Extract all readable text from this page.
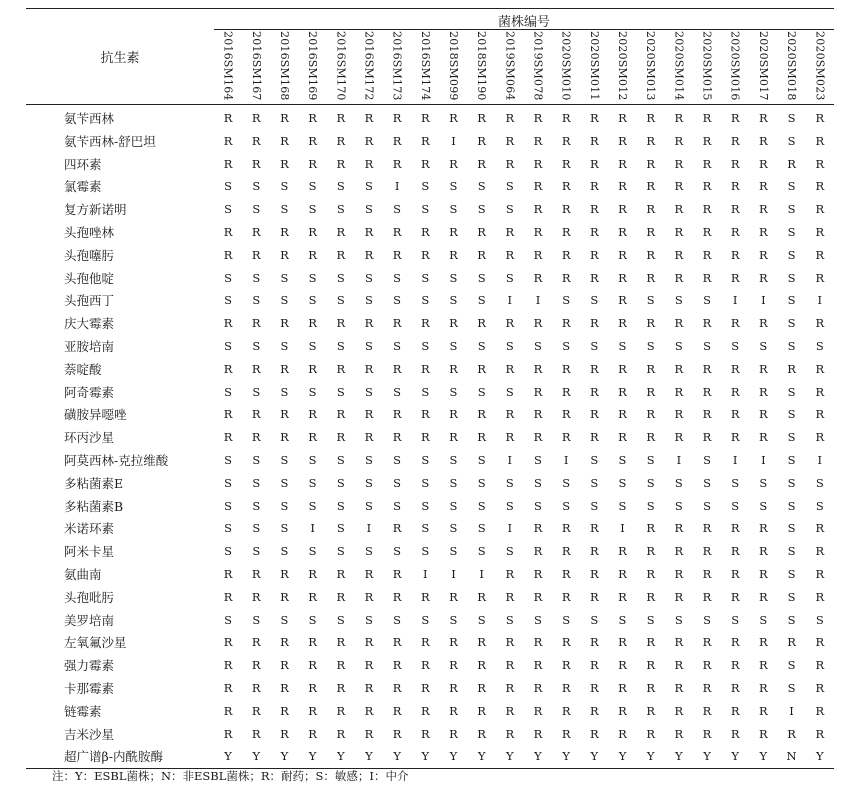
抗生素	菌株编号																					

	2016SM164	2016SM167	2016SM168	2016SM169	2016SM170	2016SM172	2016SM173	2016SM174	2018SM099	2018SM190	2019SM064	2019SM078	2020SM010	2020SM011	2020SM012	2020SM013	2020SM014	2020SM015	2020SM016	2020SM017	2020SM018	2020SM023
氨苄西林	R	R	R	R	R	R	R	R	R	R	R	R	R	R	R	R	R	R	R	R	S	R
氨苄西林-舒巴坦	R	R	R	R	R	R	R	R	I	R	R	R	R	R	R	R	R	R	R	R	S	R
四环素	R	R	R	R	R	R	R	R	R	R	R	R	R	R	R	R	R	R	R	R	R	R
氯霉素	S	S	S	S	S	S	I	S	S	S	S	R	R	R	R	R	R	R	R	R	S	R
复方新诺明	S	S	S	S	S	S	S	S	S	S	S	R	R	R	R	R	R	R	R	R	S	R
头孢唑林	R	R	R	R	R	R	R	R	R	R	R	R	R	R	R	R	R	R	R	R	S	R
头孢噻肟	R	R	R	R	R	R	R	R	R	R	R	R	R	R	R	R	R	R	R	R	S	R
头孢他啶	S	S	S	S	S	S	S	S	S	S	S	R	R	R	R	R	R	R	R	R	S	R
头孢西丁	S	S	S	S	S	S	S	S	S	S	I	I	S	S	R	S	S	S	I	I	S	I
庆大霉素	R	R	R	R	R	R	R	R	R	R	R	R	R	R	R	R	R	R	R	R	S	R
亚胺培南	S	S	S	S	S	S	S	S	S	S	S	S	S	S	S	S	S	S	S	S	S	S
萘啶酸	R	R	R	R	R	R	R	R	R	R	R	R	R	R	R	R	R	R	R	R	R	R
阿奇霉素	S	S	S	S	S	S	S	S	S	S	S	R	R	R	R	R	R	R	R	R	S	R
磺胺异噁唑	R	R	R	R	R	R	R	R	R	R	R	R	R	R	R	R	R	R	R	R	S	R
环丙沙星	R	R	R	R	R	R	R	R	R	R	R	R	R	R	R	R	R	R	R	R	S	R
阿莫西林-克拉维酸	S	S	S	S	S	S	S	S	S	S	I	S	I	S	S	S	I	S	I	I	S	I
多粘菌素E	S	S	S	S	S	S	S	S	S	S	S	S	S	S	S	S	S	S	S	S	S	S
多粘菌素B	S	S	S	S	S	S	S	S	S	S	S	S	S	S	S	S	S	S	S	S	S	S
米诺环素	S	S	S	I	S	I	R	S	S	S	I	R	R	R	I	R	R	R	R	R	S	R
阿米卡星	S	S	S	S	S	S	S	S	S	S	S	R	R	R	R	R	R	R	R	R	S	R
氨曲南	R	R	R	R	R	R	R	I	I	I	R	R	R	R	R	R	R	R	R	R	S	R
头孢吡肟	R	R	R	R	R	R	R	R	R	R	R	R	R	R	R	R	R	R	R	R	S	R
美罗培南	S	S	S	S	S	S	S	S	S	S	S	S	S	S	S	S	S	S	S	S	S	S
左氧氟沙星	R	R	R	R	R	R	R	R	R	R	R	R	R	R	R	R	R	R	R	R	R	R
强力霉素	R	R	R	R	R	R	R	R	R	R	R	R	R	R	R	R	R	R	R	R	S	R
卡那霉素	R	R	R	R	R	R	R	R	R	R	R	R	R	R	R	R	R	R	R	R	S	R
链霉素	R	R	R	R	R	R	R	R	R	R	R	R	R	R	R	R	R	R	R	R	I	R
吉米沙星	R	R	R	R	R	R	R	R	R	R	R	R	R	R	R	R	R	R	R	R	R	R
超广谱β-内酰胺酶	Y	Y	Y	Y	Y	Y	Y	Y	Y	Y	Y	Y	Y	Y	Y	Y	Y	Y	Y	Y	N	Y
注：Y：ESBL菌株；N：非ESBL菌株；R：耐药；S：敏感；I：中介
